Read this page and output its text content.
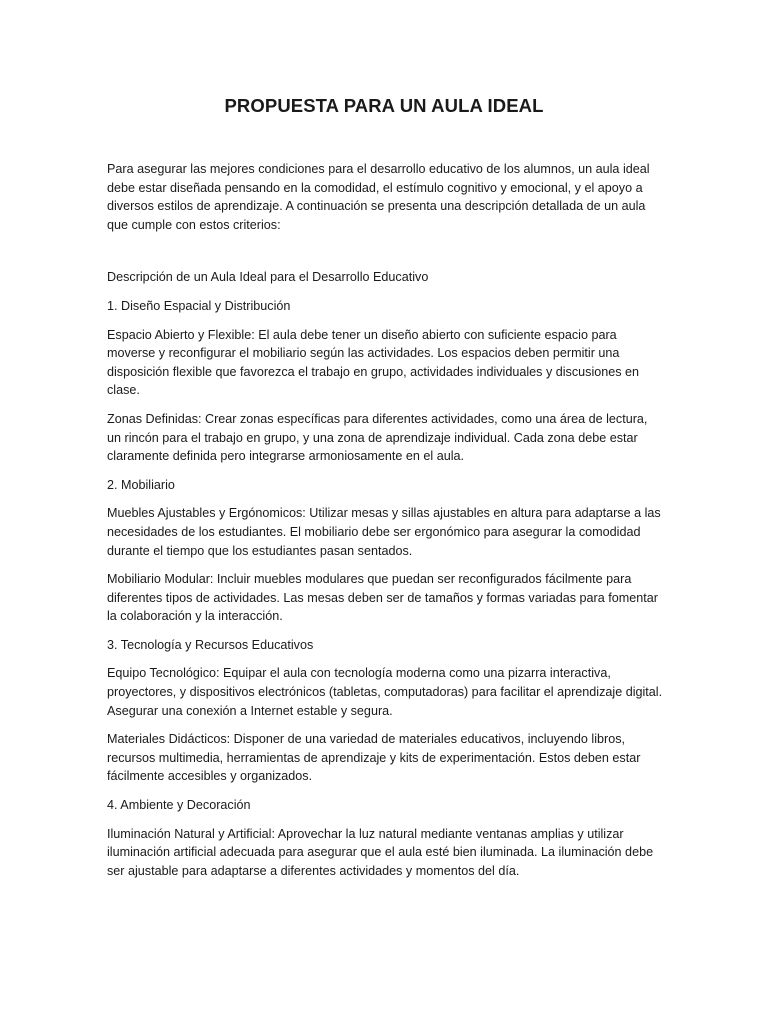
PROPUESTA PARA UN AULA IDEAL

Para asegurar las mejores condiciones para el desarrollo educativo de los alumnos, un aula ideal debe estar diseñada pensando en la comodidad, el estímulo cognitivo y emocional, y el apoyo a diversos estilos de aprendizaje. A continuación se presenta una descripción detallada de un aula que cumple con estos criterios:

Descripción de un Aula Ideal para el Desarrollo Educativo

1. Diseño Espacial y Distribución

Espacio Abierto y Flexible: El aula debe tener un diseño abierto con suficiente espacio para moverse y reconfigurar el mobiliario según las actividades. Los espacios deben permitir una disposición flexible que favorezca el trabajo en grupo, actividades individuales y discusiones en clase.

Zonas Definidas: Crear zonas específicas para diferentes actividades, como una área de lectura, un rincón para el trabajo en grupo, y una zona de aprendizaje individual. Cada zona debe estar claramente definida pero integrarse armoniosamente en el aula.

2. Mobiliario

Muebles Ajustables y Ergónomicos: Utilizar mesas y sillas ajustables en altura para adaptarse a las necesidades de los estudiantes. El mobiliario debe ser ergonómico para asegurar la comodidad durante el tiempo que los estudiantes pasan sentados.

Mobiliario Modular: Incluir muebles modulares que puedan ser reconfigurados fácilmente para diferentes tipos de actividades. Las mesas deben ser de tamaños y formas variadas para fomentar la colaboración y la interacción.

3. Tecnología y Recursos Educativos

Equipo Tecnológico: Equipar el aula con tecnología moderna como una pizarra interactiva, proyectores, y dispositivos electrónicos (tabletas, computadoras) para facilitar el aprendizaje digital. Asegurar una conexión a Internet estable y segura.

Materiales Didácticos: Disponer de una variedad de materiales educativos, incluyendo libros, recursos multimedia, herramientas de aprendizaje y kits de experimentación. Estos deben estar fácilmente accesibles y organizados.

4. Ambiente y Decoración

Iluminación Natural y Artificial: Aprovechar la luz natural mediante ventanas amplias y utilizar iluminación artificial adecuada para asegurar que el aula esté bien iluminada. La iluminación debe ser ajustable para adaptarse a diferentes actividades y momentos del día.
